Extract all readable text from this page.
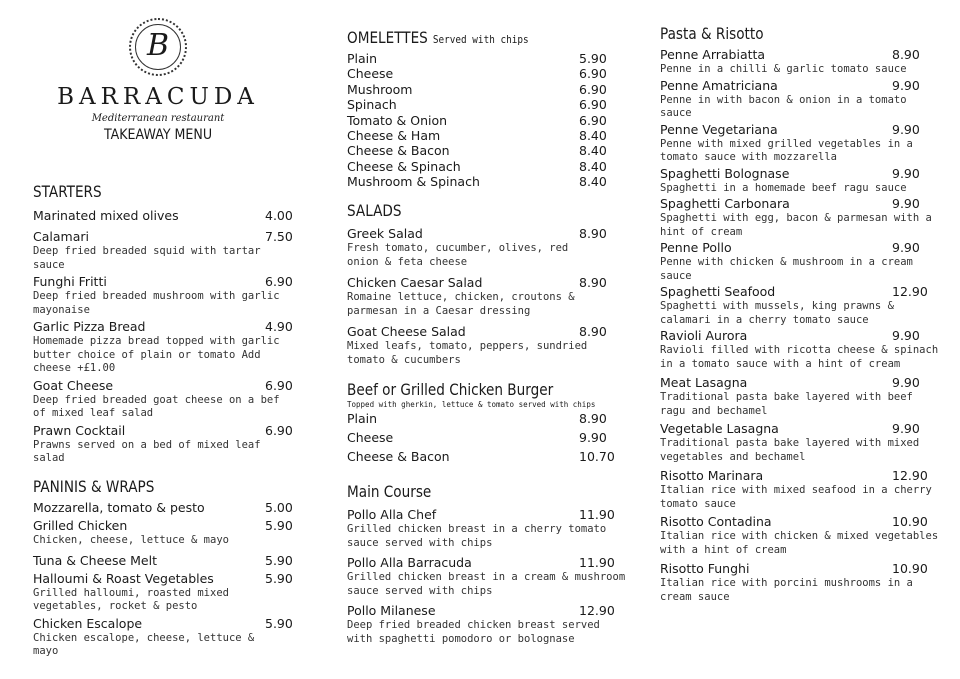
B
BARRACUDA
Mediterranean restaurant
TAKEAWAY MENU
STARTERS
Marinated mixed olives	4.00
Calamari	7.50
Deep fried breaded squid with tartar sauce
Funghi Fritti	6.90
Deep fried breaded mushroom with garlic mayonaise
Garlic Pizza Bread	4.90
Homemade pizza bread topped with garlic butter choice of plain or tomato Add cheese +£1.00
Goat Cheese	6.90
Deep fried breaded goat cheese on a bef of mixed leaf salad
Prawn Cocktail	6.90
Prawns served on a bed of mixed leaf salad
PANINIS & WRAPS
Mozzarella, tomato & pesto	5.00
Grilled Chicken	5.90
Chicken, cheese, lettuce & mayo
Tuna & Cheese Melt	5.90
Halloumi & Roast Vegetables	5.90
Grilled halloumi, roasted mixed vegetables, rocket & pesto
Chicken Escalope	5.90
Chicken escalope, cheese, lettuce & mayo
OMELETTES Served with chips
Plain	5.90
Cheese	6.90
Mushroom	6.90
Spinach	6.90
Tomato & Onion	6.90
Cheese & Ham	8.40
Cheese & Bacon	8.40
Cheese & Spinach	8.40
Mushroom & Spinach	8.40
SALADS
Greek Salad	8.90
Fresh tomato, cucumber, olives, red onion & feta cheese
Chicken Caesar Salad	8.90
Romaine lettuce, chicken, croutons & parmesan in a Caesar dressing
Goat Cheese Salad	8.90
Mixed leafs, tomato, peppers, sundried tomato & cucumbers
Beef or Grilled Chicken Burger
Topped with gherkin, lettuce & tomato served with chips
Plain	8.90
Cheese	9.90
Cheese & Bacon	10.70
Main Course
Pollo Alla Chef	11.90
Grilled chicken breast in a cherry tomato sauce served with chips
Pollo Alla Barracuda	11.90
Grilled chicken breast in a cream & mushroom sauce served with chips
Pollo Milanese	12.90
Deep fried breaded chicken breast served with spaghetti pomodoro or bolognase
Pasta & Risotto
Penne Arrabiatta	8.90
Penne in a chilli & garlic tomato sauce
Penne Amatriciana	9.90
Penne in with bacon & onion in a tomato sauce
Penne Vegetariana	9.90
Penne with mixed grilled vegetables in a tomato sauce with mozzarella
Spaghetti Bolognase	9.90
Spaghetti in a homemade beef ragu sauce
Spaghetti Carbonara	9.90
Spaghetti with egg, bacon & parmesan with a hint of cream
Penne Pollo	9.90
Penne with chicken & mushroom in a cream sauce
Spaghetti Seafood	12.90
Spaghetti with mussels, king prawns & calamari in a cherry tomato sauce
Ravioli Aurora	9.90
Ravioli filled with ricotta cheese & spinach in a tomato sauce with a hint of cream
Meat Lasagna	9.90
Traditional pasta bake layered with beef ragu and bechamel
Vegetable Lasagna	9.90
Traditional pasta bake layered with mixed vegetables and bechamel
Risotto Marinara	12.90
Italian rice with mixed seafood in a cherry tomato sauce
Risotto Contadina	10.90
Italian rice with chicken & mixed vegetables with a hint of cream
Risotto Funghi	10.90
Italian rice with porcini mushrooms in a cream sauce
